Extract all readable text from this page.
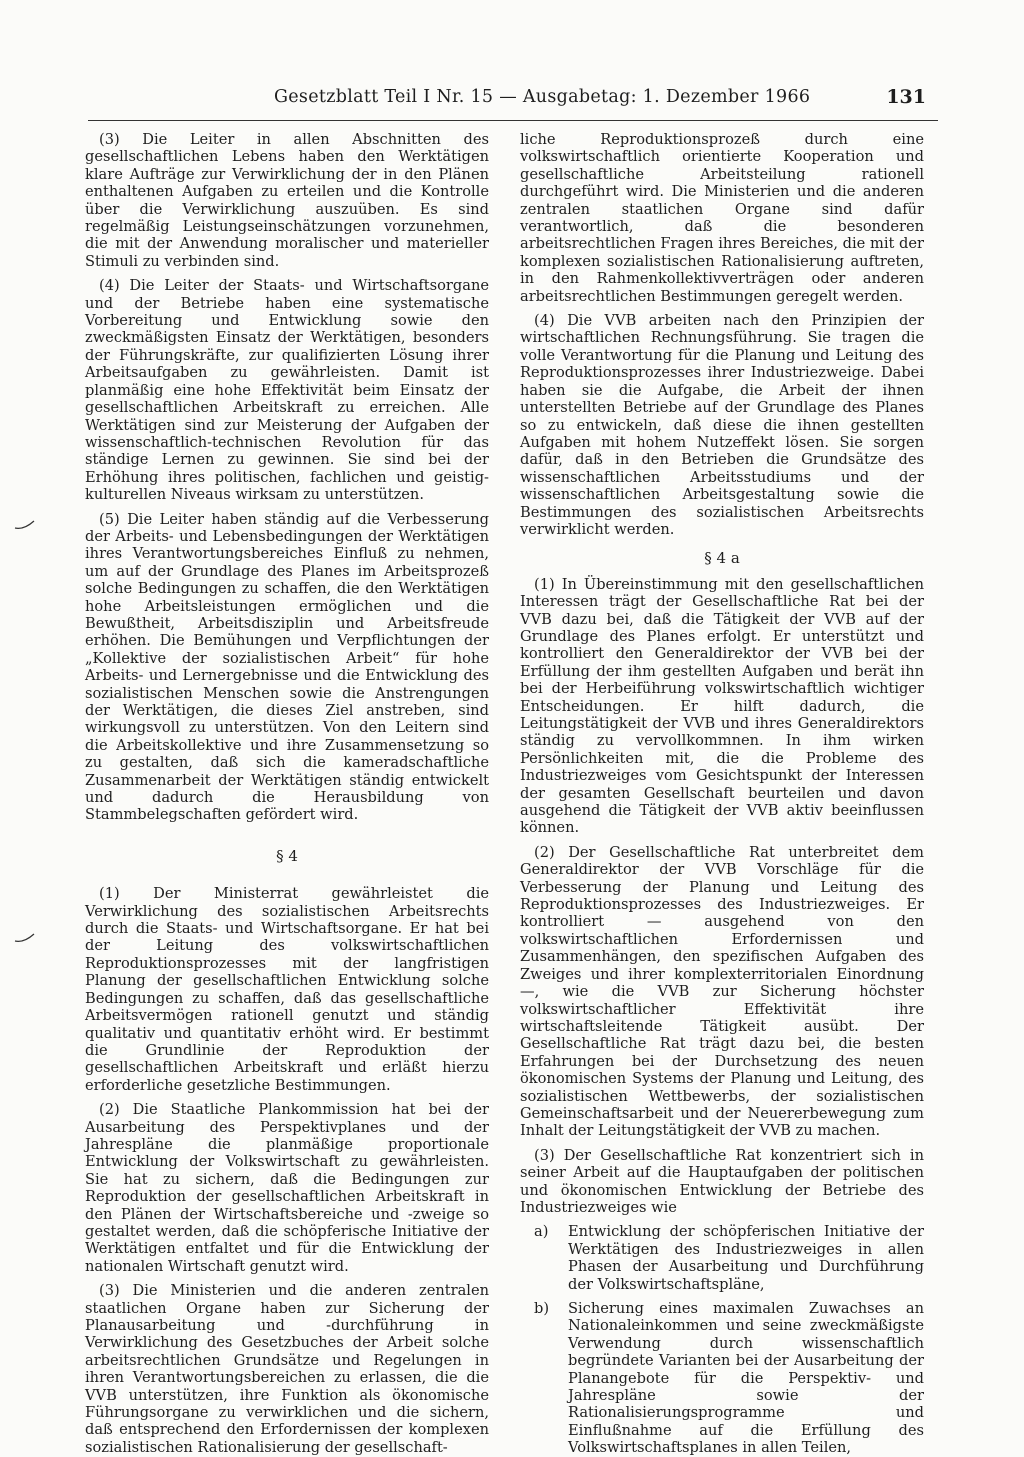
Gesetzblatt Teil I Nr. 15 — Ausgabetag: 1. Dezember 1966	131

(3) Die Leiter in allen Abschnitten des gesellschaftlichen Lebens haben den Werktätigen klare Aufträge zur Verwirklichung der in den Plänen enthaltenen Aufgaben zu erteilen und die Kontrolle über die Verwirklichung auszuüben. Es sind regelmäßig Leistungseinschätzungen vorzunehmen, die mit der Anwendung moralischer und materieller Stimuli zu verbinden sind.

(4) Die Leiter der Staats- und Wirtschaftsorgane und der Betriebe haben eine systematische Vorbereitung und Entwicklung sowie den zweckmäßigsten Einsatz der Werktätigen, besonders der Führungskräfte, zur qualifizierten Lösung ihrer Arbeitsaufgaben zu gewährleisten. Damit ist planmäßig eine hohe Effektivität beim Einsatz der gesellschaftlichen Arbeitskraft zu erreichen. Alle Werktätigen sind zur Meisterung der Aufgaben der wissenschaftlich-technischen Revolution für das ständige Lernen zu gewinnen. Sie sind bei der Erhöhung ihres politischen, fachlichen und geistig-kulturellen Niveaus wirksam zu unterstützen.

(5) Die Leiter haben ständig auf die Verbesserung der Arbeits- und Lebensbedingungen der Werktätigen ihres Verantwortungsbereiches Einfluß zu nehmen, um auf der Grundlage des Planes im Arbeitsprozeß solche Bedingungen zu schaffen, die den Werktätigen hohe Arbeitsleistungen ermöglichen und die Bewußtheit, Arbeitsdisziplin und Arbeitsfreude erhöhen. Die Bemühungen und Verpflichtungen der „Kollektive der sozialistischen Arbeit“ für hohe Arbeits- und Lernergebnisse und die Entwicklung des sozialistischen Menschen sowie die Anstrengungen der Werktätigen, die dieses Ziel anstreben, sind wirkungsvoll zu unterstützen. Von den Leitern sind die Arbeitskollektive und ihre Zusammensetzung so zu gestalten, daß sich die kameradschaftliche Zusammenarbeit der Werktätigen ständig entwickelt und dadurch die Herausbildung von Stammbelegschaften gefördert wird.

§ 4

(1) Der Ministerrat gewährleistet die Verwirklichung des sozialistischen Arbeitsrechts durch die Staats- und Wirtschaftsorgane. Er hat bei der Leitung des volkswirtschaftlichen Reproduktionsprozesses mit der langfristigen Planung der gesellschaftlichen Entwicklung solche Bedingungen zu schaffen, daß das gesellschaftliche Arbeitsvermögen rationell genutzt und ständig qualitativ und quantitativ erhöht wird. Er bestimmt die Grundlinie der Reproduktion der gesellschaftlichen Arbeitskraft und erläßt hierzu erforderliche gesetzliche Bestimmungen.

(2) Die Staatliche Plankommission hat bei der Ausarbeitung des Perspektivplanes und der Jahrespläne die planmäßige proportionale Entwicklung der Volkswirtschaft zu gewährleisten. Sie hat zu sichern, daß die Bedingungen zur Reproduktion der gesellschaftlichen Arbeitskraft in den Plänen der Wirtschaftsbereiche und -zweige so gestaltet werden, daß die schöpferische Initiative der Werktätigen entfaltet und für die Entwicklung der nationalen Wirtschaft genutzt wird.

(3) Die Ministerien und die anderen zentralen staatlichen Organe haben zur Sicherung der Planausarbeitung und -durchführung in Verwirklichung des Gesetzbuches der Arbeit solche arbeitsrechtlichen Grundsätze und Regelungen in ihren Verantwortungsbereichen zu erlassen, die die VVB unterstützen, ihre Funktion als ökonomische Führungsorgane zu verwirklichen und die sichern, daß entsprechend den Erfordernissen der komplexen sozialistischen Rationalisierung der gesellschaft-

liche Reproduktionsprozeß durch eine volkswirtschaftlich orientierte Kooperation und gesellschaftliche Arbeitsteilung rationell durchgeführt wird. Die Ministerien und die anderen zentralen staatlichen Organe sind dafür verantwortlich, daß die besonderen arbeitsrechtlichen Fragen ihres Bereiches, die mit der komplexen sozialistischen Rationalisierung auftreten, in den Rahmenkollektivverträgen oder anderen arbeitsrechtlichen Bestimmungen geregelt werden.

(4) Die VVB arbeiten nach den Prinzipien der wirtschaftlichen Rechnungsführung. Sie tragen die volle Verantwortung für die Planung und Leitung des Reproduktionsprozesses ihrer Industriezweige. Dabei haben sie die Aufgabe, die Arbeit der ihnen unterstellten Betriebe auf der Grundlage des Planes so zu entwickeln, daß diese die ihnen gestellten Aufgaben mit hohem Nutzeffekt lösen. Sie sorgen dafür, daß in den Betrieben die Grundsätze des wissenschaftlichen Arbeitsstudiums und der wissenschaftlichen Arbeitsgestaltung sowie die Bestimmungen des sozialistischen Arbeitsrechts verwirklicht werden.

§ 4 a

(1) In Übereinstimmung mit den gesellschaftlichen Interessen trägt der Gesellschaftliche Rat bei der VVB dazu bei, daß die Tätigkeit der VVB auf der Grundlage des Planes erfolgt. Er unterstützt und kontrolliert den Generaldirektor der VVB bei der Erfüllung der ihm gestellten Aufgaben und berät ihn bei der Herbeiführung volkswirtschaftlich wichtiger Entscheidungen. Er hilft dadurch, die Leitungstätigkeit der VVB und ihres Generaldirektors ständig zu vervollkommnen. In ihm wirken Persönlichkeiten mit, die die Probleme des Industriezweiges vom Gesichtspunkt der Interessen der gesamten Gesellschaft beurteilen und davon ausgehend die Tätigkeit der VVB aktiv beeinflussen können.

(2) Der Gesellschaftliche Rat unterbreitet dem Generaldirektor der VVB Vorschläge für die Verbesserung der Planung und Leitung des Reproduktionsprozesses des Industriezweiges. Er kontrolliert — ausgehend von den volkswirtschaftlichen Erfordernissen und Zusammenhängen, den spezifischen Aufgaben des Zweiges und ihrer komplexterritorialen Einordnung —, wie die VVB zur Sicherung höchster volkswirtschaftlicher Effektivität ihre wirtschaftsleitende Tätigkeit ausübt. Der Gesellschaftliche Rat trägt dazu bei, die besten Erfahrungen bei der Durchsetzung des neuen ökonomischen Systems der Planung und Leitung, des sozialistischen Wettbewerbs, der sozialistischen Gemeinschaftsarbeit und der Neuererbewegung zum Inhalt der Leitungstätigkeit der VVB zu machen.

(3) Der Gesellschaftliche Rat konzentriert sich in seiner Arbeit auf die Hauptaufgaben der politischen und ökonomischen Entwicklung der Betriebe des Industriezweiges wie

a)	Entwicklung der schöpferischen Initiative der Werktätigen des Industriezweiges in allen Phasen der Ausarbeitung und Durchführung der Volkswirtschaftspläne,
b)	Sicherung eines maximalen Zuwachses an Nationaleinkommen und seine zweckmäßigste Verwendung durch wissenschaftlich begründete Varianten bei der Ausarbeitung der Planangebote für die Perspektiv- und Jahrespläne sowie der Rationalisierungsprogramme und Einflußnahme auf die Erfüllung des Volkswirtschaftsplanes in allen Teilen,
